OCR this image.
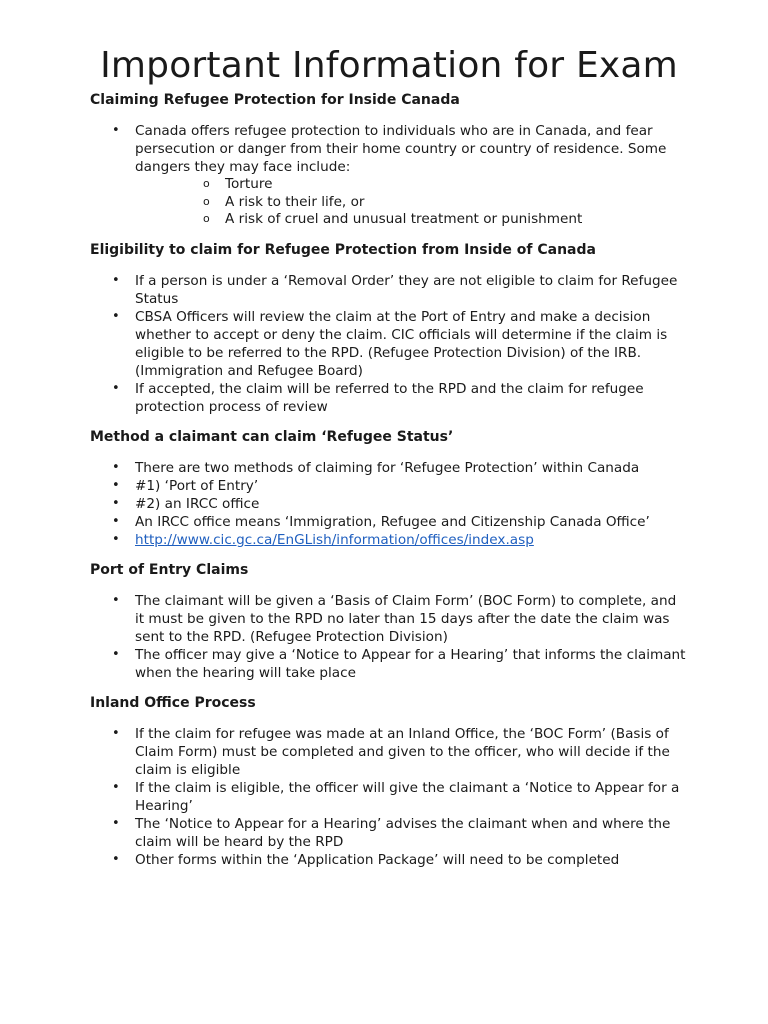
Important Information for Exam
Claiming Refugee Protection for Inside Canada
• Canada offers refugee protection to individuals who are in Canada, and fear persecution or danger from their home country or country of residence. Some dangers they may face include:
o Torture
o A risk to their life, or
o A risk of cruel and unusual treatment or punishment
Eligibility to claim for Refugee Protection from Inside of Canada
• If a person is under a ‘Removal Order’ they are not eligible to claim for Refugee Status
• CBSA Officers will review the claim at the Port of Entry and make a decision whether to accept or deny the claim. CIC officials will determine if the claim is eligible to be referred to the RPD. (Refugee Protection Division) of the IRB. (Immigration and Refugee Board)
• If accepted, the claim will be referred to the RPD and the claim for refugee protection process of review
Method a claimant can claim ‘Refugee Status’
• There are two methods of claiming for ‘Refugee Protection’ within Canada
• #1) ‘Port of Entry’
• #2) an IRCC office
• An IRCC office means ‘Immigration, Refugee and Citizenship Canada Office’
• http://www.cic.gc.ca/EnGLish/information/offices/index.asp
Port of Entry Claims
• The claimant will be given a ‘Basis of Claim Form’ (BOC Form) to complete, and it must be given to the RPD no later than 15 days after the date the claim was sent to the RPD. (Refugee Protection Division)
• The officer may give a ‘Notice to Appear for a Hearing’ that informs the claimant when the hearing will take place
Inland Office Process
• If the claim for refugee was made at an Inland Office, the ‘BOC Form’ (Basis of Claim Form) must be completed and given to the officer, who will decide if the claim is eligible
• If the claim is eligible, the officer will give the claimant a ‘Notice to Appear for a Hearing’
• The ‘Notice to Appear for a Hearing’ advises the claimant when and where the claim will be heard by the RPD
• Other forms within the ‘Application Package’ will need to be completed
